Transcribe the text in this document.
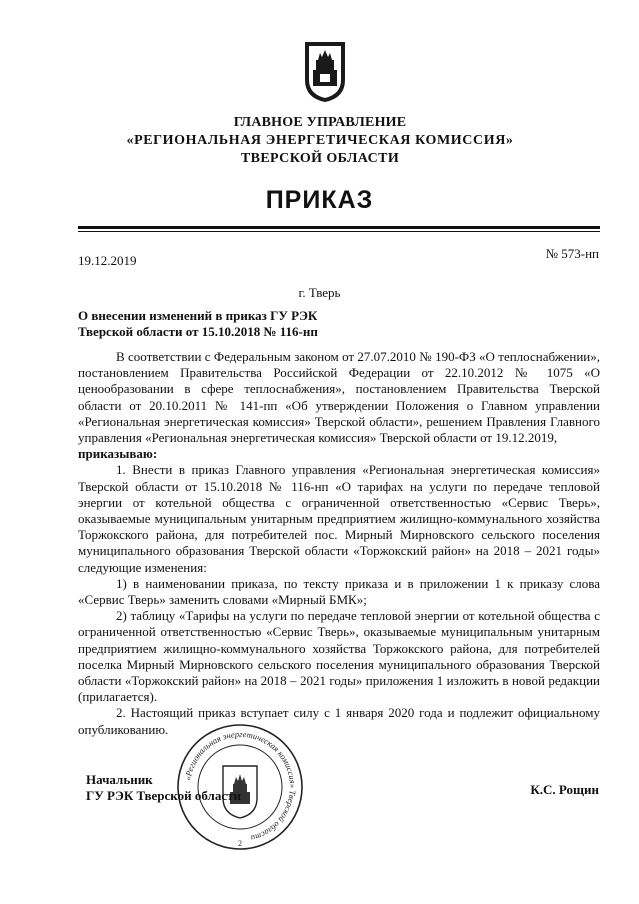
ГЛАВНОЕ УПРАВЛЕНИЕ
«РЕГИОНАЛЬНАЯ ЭНЕРГЕТИЧЕСКАЯ КОМИССИЯ»
ТВЕРСКОЙ ОБЛАСТИ
ПРИКАЗ
19.12.2019	№ 573-нп
г. Тверь
О внесении изменений в приказ ГУ РЭК
Тверской области от 15.10.2018 № 116-нп

В соответствии с Федеральным законом от 27.07.2010 № 190-ФЗ «О теплоснабжении», постановлением Правительства Российской Федерации от 22.10.2012 № 1075 «О ценообразовании в сфере теплоснабжения», постановлением Правительства Тверской области от 20.10.2011 № 141-пп «Об утверждении Положения о Главном управлении «Региональная энергетическая комиссия» Тверской области», решением Правления Главного управления «Региональная энергетическая комиссия» Тверской области от 19.12.2019,

приказываю:

1. Внести в приказ Главного управления «Региональная энергетическая комиссия» Тверской области от 15.10.2018 № 116-нп «О тарифах на услуги по передаче тепловой энергии от котельной общества с ограниченной ответственностью «Сервис Тверь», оказываемые муниципальным унитарным предприятием жилищно-коммунального хозяйства Торжокского района, для потребителей пос. Мирный Мирновского сельского поселения муниципального образования Тверской области «Торжокский район» на 2018 – 2021 годы» следующие изменения:

1) в наименовании приказа, по тексту приказа и в приложении 1 к приказу слова «Сервис Тверь» заменить словами «Мирный БМК»;

2) таблицу «Тарифы на услуги по передаче тепловой энергии от котельной общества с ограниченной ответственностью «Сервис Тверь», оказываемые муниципальным унитарным предприятием жилищно-коммунального хозяйства Торжокского района, для потребителей поселка Мирный Мирновского сельского поселения муниципального образования Тверской области «Торжокский район» на 2018 – 2021 годы» приложения 1 изложить в новой редакции (прилагается).

2. Настоящий приказ вступает силу с 1 января 2020 года и подлежит официальному опубликованию.

«Региональная энергетическая комиссия» Тверской области
2
Начальник
ГУ РЭК Тверской области	К.С. Рощин
